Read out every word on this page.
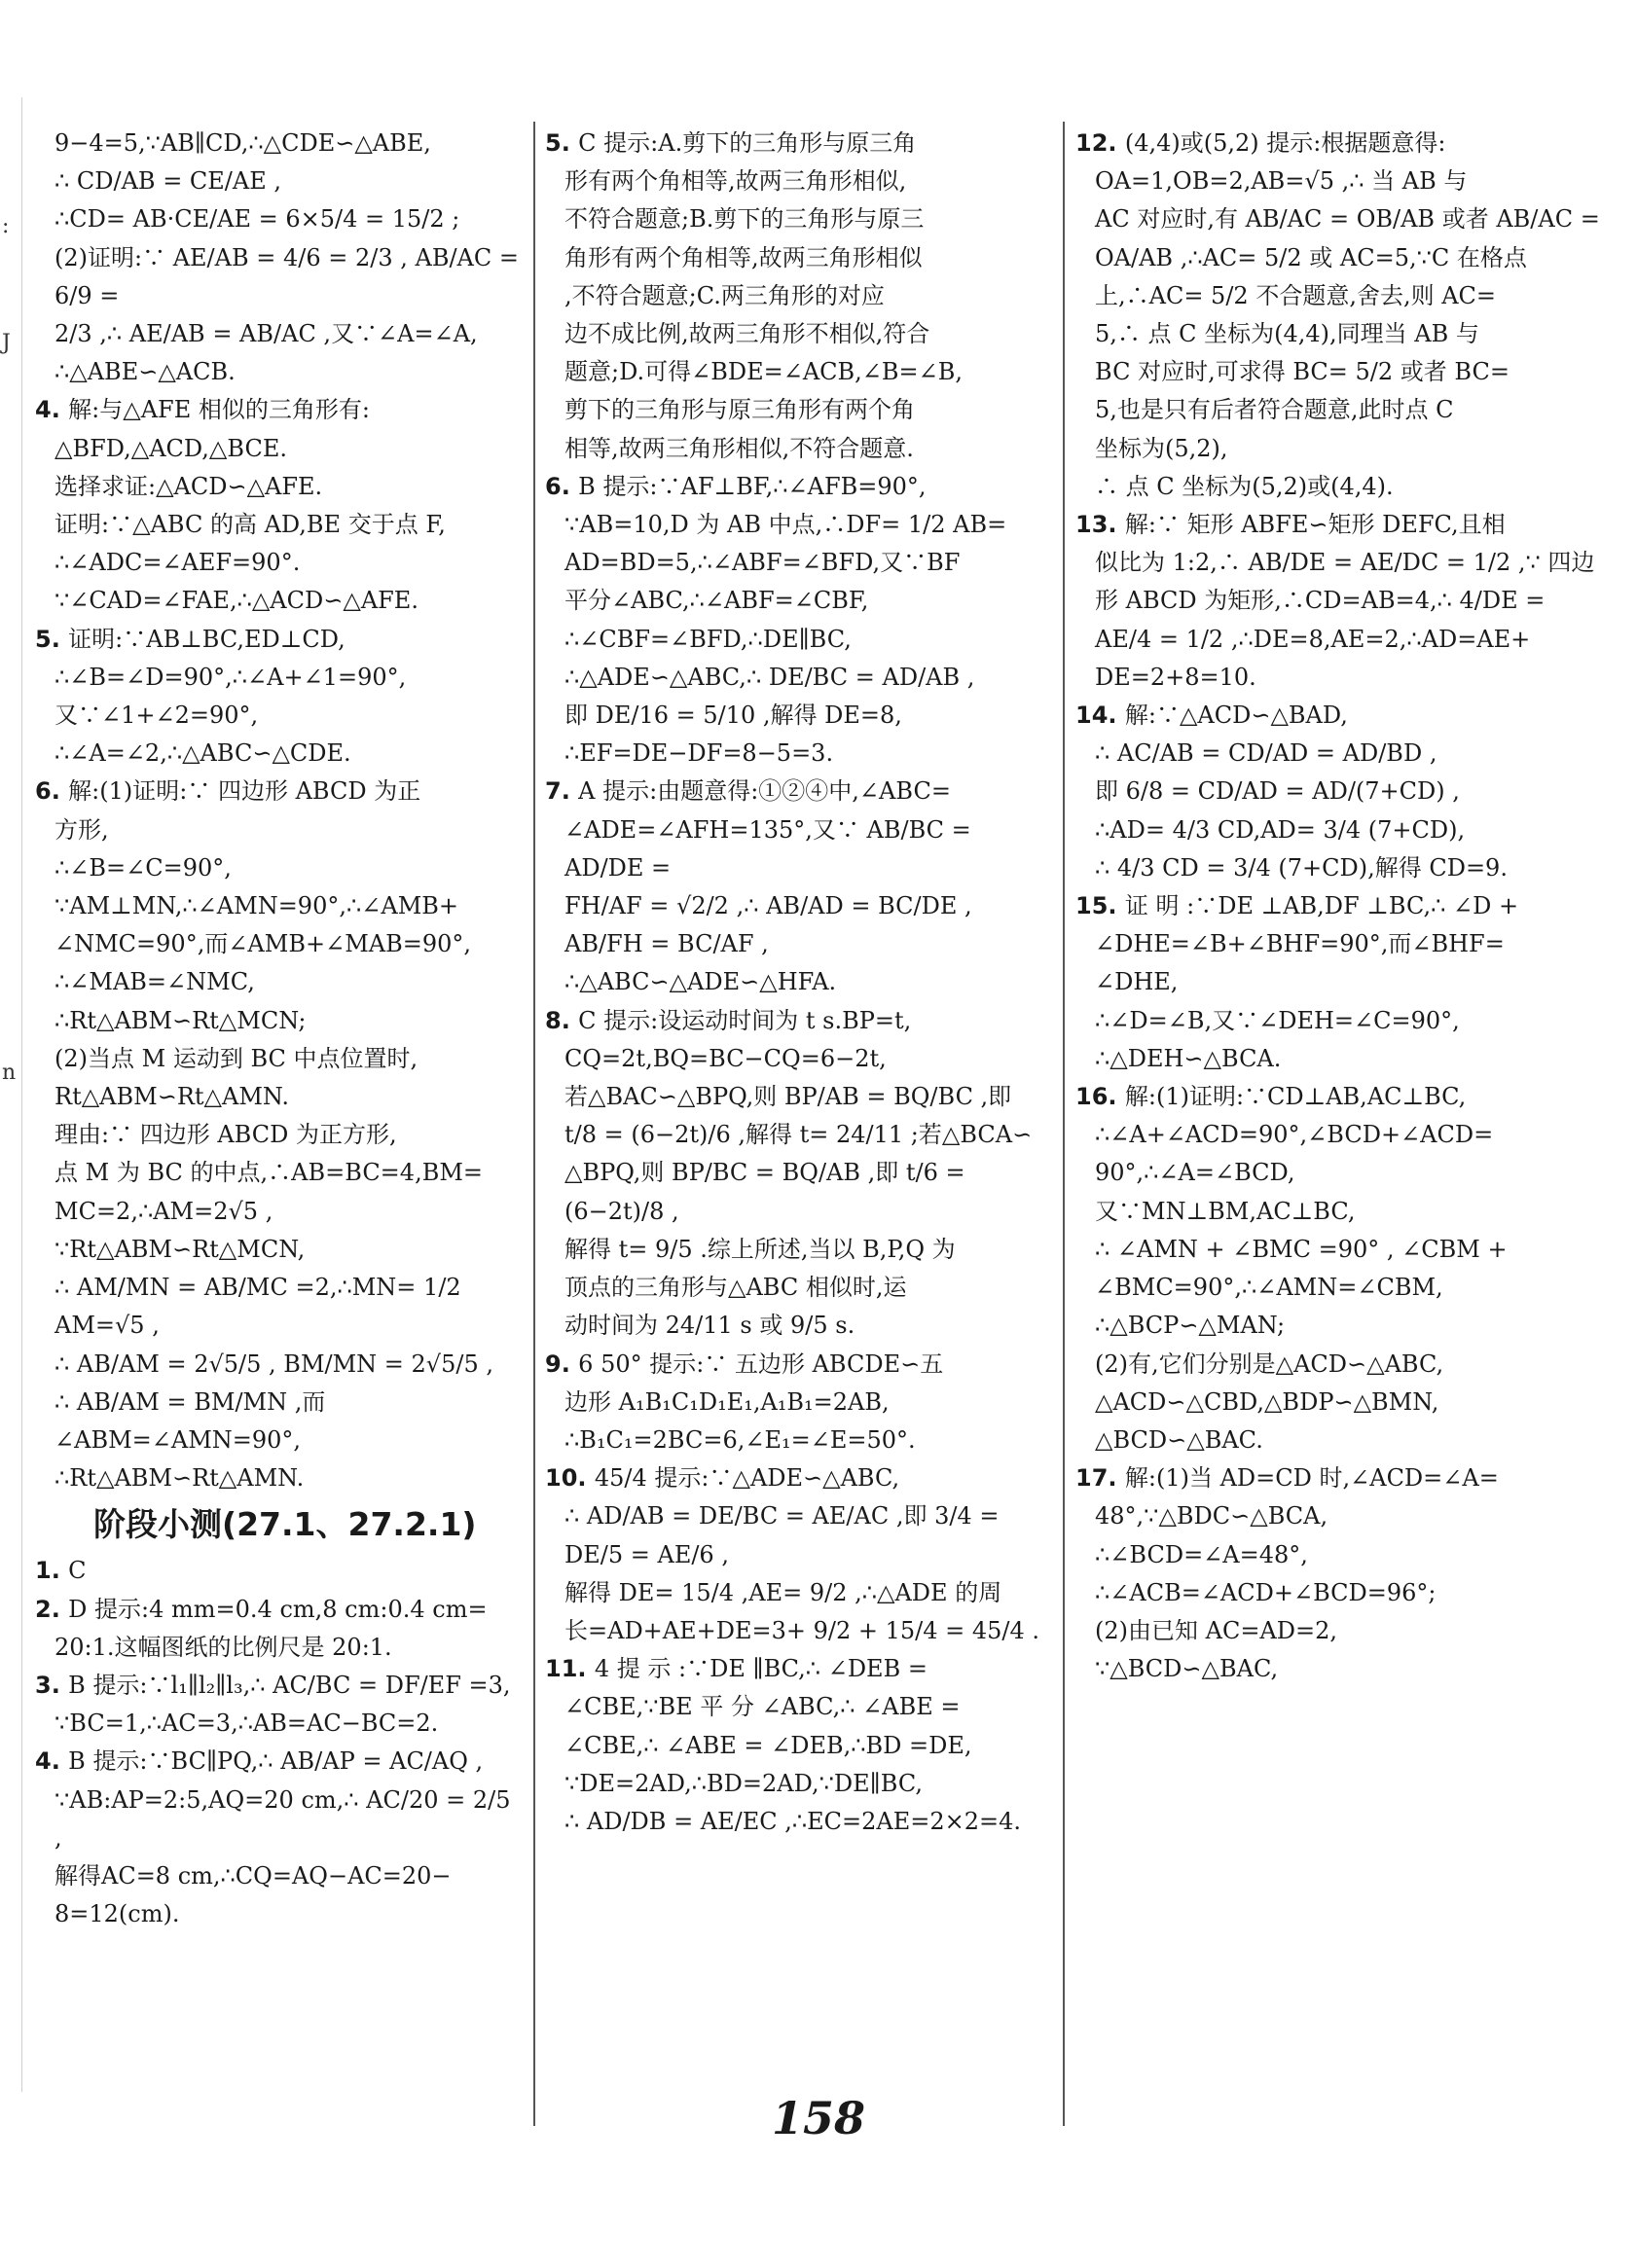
:
J
n
9−4=5,∵AB∥CD,∴△CDE∽△ABE,
∴ CD/AB = CE/AE ,
∴CD= AB·CE/AE = 6×5/4 = 15/2 ;
(2)证明:∵ AE/AB = 4/6 = 2/3 , AB/AC = 6/9 =
2/3 ,∴ AE/AB = AB/AC ,又∵∠A=∠A,
∴△ABE∽△ACB.
4. 解:与△AFE 相似的三角形有:
△BFD,△ACD,△BCE.
选择求证:△ACD∽△AFE.
证明:∵△ABC 的高 AD,BE 交于点 F,
∴∠ADC=∠AEF=90°.
∵∠CAD=∠FAE,∴△ACD∽△AFE.
5. 证明:∵AB⊥BC,ED⊥CD,
∴∠B=∠D=90°,∴∠A+∠1=90°,
又∵∠1+∠2=90°,
∴∠A=∠2,∴△ABC∽△CDE.
6. 解:(1)证明:∵ 四边形 ABCD 为正
方形,
∴∠B=∠C=90°,
∵AM⊥MN,∴∠AMN=90°,∴∠AMB+
∠NMC=90°,而∠AMB+∠MAB=90°,
∴∠MAB=∠NMC,
∴Rt△ABM∽Rt△MCN;
(2)当点 M 运动到 BC 中点位置时,
Rt△ABM∽Rt△AMN.
理由:∵ 四边形 ABCD 为正方形,
点 M 为 BC 的中点,∴AB=BC=4,BM=
MC=2,∴AM=2√5 ,
∵Rt△ABM∽Rt△MCN,
∴ AM/MN = AB/MC =2,∴MN= 1/2 AM=√5 ,
∴ AB/AM = 2√5/5 , BM/MN = 2√5/5 ,
∴ AB/AM = BM/MN ,而∠ABM=∠AMN=90°,
∴Rt△ABM∽Rt△AMN.
阶段小测(27.1、27.2.1)
1. C
2. D 提示:4 mm=0.4 cm,8 cm:0.4 cm=
20:1.这幅图纸的比例尺是 20:1.
3. B 提示:∵l₁∥l₂∥l₃,∴ AC/BC = DF/EF =3,
∵BC=1,∴AC=3,∴AB=AC−BC=2.
4. B 提示:∵BC∥PQ,∴ AB/AP = AC/AQ ,
∵AB:AP=2:5,AQ=20 cm,∴ AC/20 = 2/5 ,
解得AC=8 cm,∴CQ=AQ−AC=20−
8=12(cm).
5. C 提示:A.剪下的三角形与原三角
形有两个角相等,故两三角形相似,
不符合题意;B.剪下的三角形与原三
角形有两个角相等,故两三角形相似
,不符合题意;C.两三角形的对应
边不成比例,故两三角形不相似,符合
题意;D.可得∠BDE=∠ACB,∠B=∠B,
剪下的三角形与原三角形有两个角
相等,故两三角形相似,不符合题意.
6. B 提示:∵AF⊥BF,∴∠AFB=90°,
∵AB=10,D 为 AB 中点,∴DF= 1/2 AB=
AD=BD=5,∴∠ABF=∠BFD,又∵BF
平分∠ABC,∴∠ABF=∠CBF,
∴∠CBF=∠BFD,∴DE∥BC,
∴△ADE∽△ABC,∴ DE/BC = AD/AB ,
即 DE/16 = 5/10 ,解得 DE=8,
∴EF=DE−DF=8−5=3.
7. A 提示:由题意得:①②④中,∠ABC=
∠ADE=∠AFH=135°,又∵ AB/BC = AD/DE =
FH/AF = √2/2 ,∴ AB/AD = BC/DE , AB/FH = BC/AF ,
∴△ABC∽△ADE∽△HFA.
8. C 提示:设运动时间为 t s.BP=t,
CQ=2t,BQ=BC−CQ=6−2t,
若△BAC∽△BPQ,则 BP/AB = BQ/BC ,即
t/8 = (6−2t)/6 ,解得 t= 24/11 ;若△BCA∽
△BPQ,则 BP/BC = BQ/AB ,即 t/6 = (6−2t)/8 ,
解得 t= 9/5 .综上所述,当以 B,P,Q 为
顶点的三角形与△ABC 相似时,运
动时间为 24/11 s 或 9/5 s.
9. 6 50° 提示:∵ 五边形 ABCDE∽五
边形 A₁B₁C₁D₁E₁,A₁B₁=2AB,
∴B₁C₁=2BC=6,∠E₁=∠E=50°.
10. 45/4 提示:∵△ADE∽△ABC,
∴ AD/AB = DE/BC = AE/AC ,即 3/4 = DE/5 = AE/6 ,
解得 DE= 15/4 ,AE= 9/2 ,∴△ADE 的周
长=AD+AE+DE=3+ 9/2 + 15/4 = 45/4 .
11. 4 提 示 :∵DE ∥BC,∴ ∠DEB =
∠CBE,∵BE 平 分 ∠ABC,∴ ∠ABE =
∠CBE,∴ ∠ABE = ∠DEB,∴BD =DE,
∵DE=2AD,∴BD=2AD,∵DE∥BC,
∴ AD/DB = AE/EC ,∴EC=2AE=2×2=4.
12. (4,4)或(5,2) 提示:根据题意得:
OA=1,OB=2,AB=√5 ,∴ 当 AB 与
AC 对应时,有 AB/AC = OB/AB 或者 AB/AC =
OA/AB ,∴AC= 5/2 或 AC=5,∵C 在格点
上,∴AC= 5/2 不合题意,舍去,则 AC=
5,∴ 点 C 坐标为(4,4),同理当 AB 与
BC 对应时,可求得 BC= 5/2 或者 BC=
5,也是只有后者符合题意,此时点 C
坐标为(5,2),
∴ 点 C 坐标为(5,2)或(4,4).
13. 解:∵ 矩形 ABFE∽矩形 DEFC,且相
似比为 1:2,∴ AB/DE = AE/DC = 1/2 ,∵ 四边
形 ABCD 为矩形,∴CD=AB=4,∴ 4/DE =
AE/4 = 1/2 ,∴DE=8,AE=2,∴AD=AE+
DE=2+8=10.
14. 解:∵△ACD∽△BAD,
∴ AC/AB = CD/AD = AD/BD ,
即 6/8 = CD/AD = AD/(7+CD) ,
∴AD= 4/3 CD,AD= 3/4 (7+CD),
∴ 4/3 CD = 3/4 (7+CD),解得 CD=9.
15. 证 明 :∵DE ⊥AB,DF ⊥BC,∴ ∠D +
∠DHE=∠B+∠BHF=90°,而∠BHF=
∠DHE,
∴∠D=∠B,又∵∠DEH=∠C=90°,
∴△DEH∽△BCA.
16. 解:(1)证明:∵CD⊥AB,AC⊥BC,
∴∠A+∠ACD=90°,∠BCD+∠ACD=
90°,∴∠A=∠BCD,
又∵MN⊥BM,AC⊥BC,
∴ ∠AMN + ∠BMC =90° , ∠CBM +
∠BMC=90°,∴∠AMN=∠CBM,
∴△BCP∽△MAN;
(2)有,它们分别是△ACD∽△ABC,
△ACD∽△CBD,△BDP∽△BMN,
△BCD∽△BAC.
17. 解:(1)当 AD=CD 时,∠ACD=∠A=
48°,∵△BDC∽△BCA,
∴∠BCD=∠A=48°,
∴∠ACB=∠ACD+∠BCD=96°;
(2)由已知 AC=AD=2,
∵△BCD∽△BAC,
158
